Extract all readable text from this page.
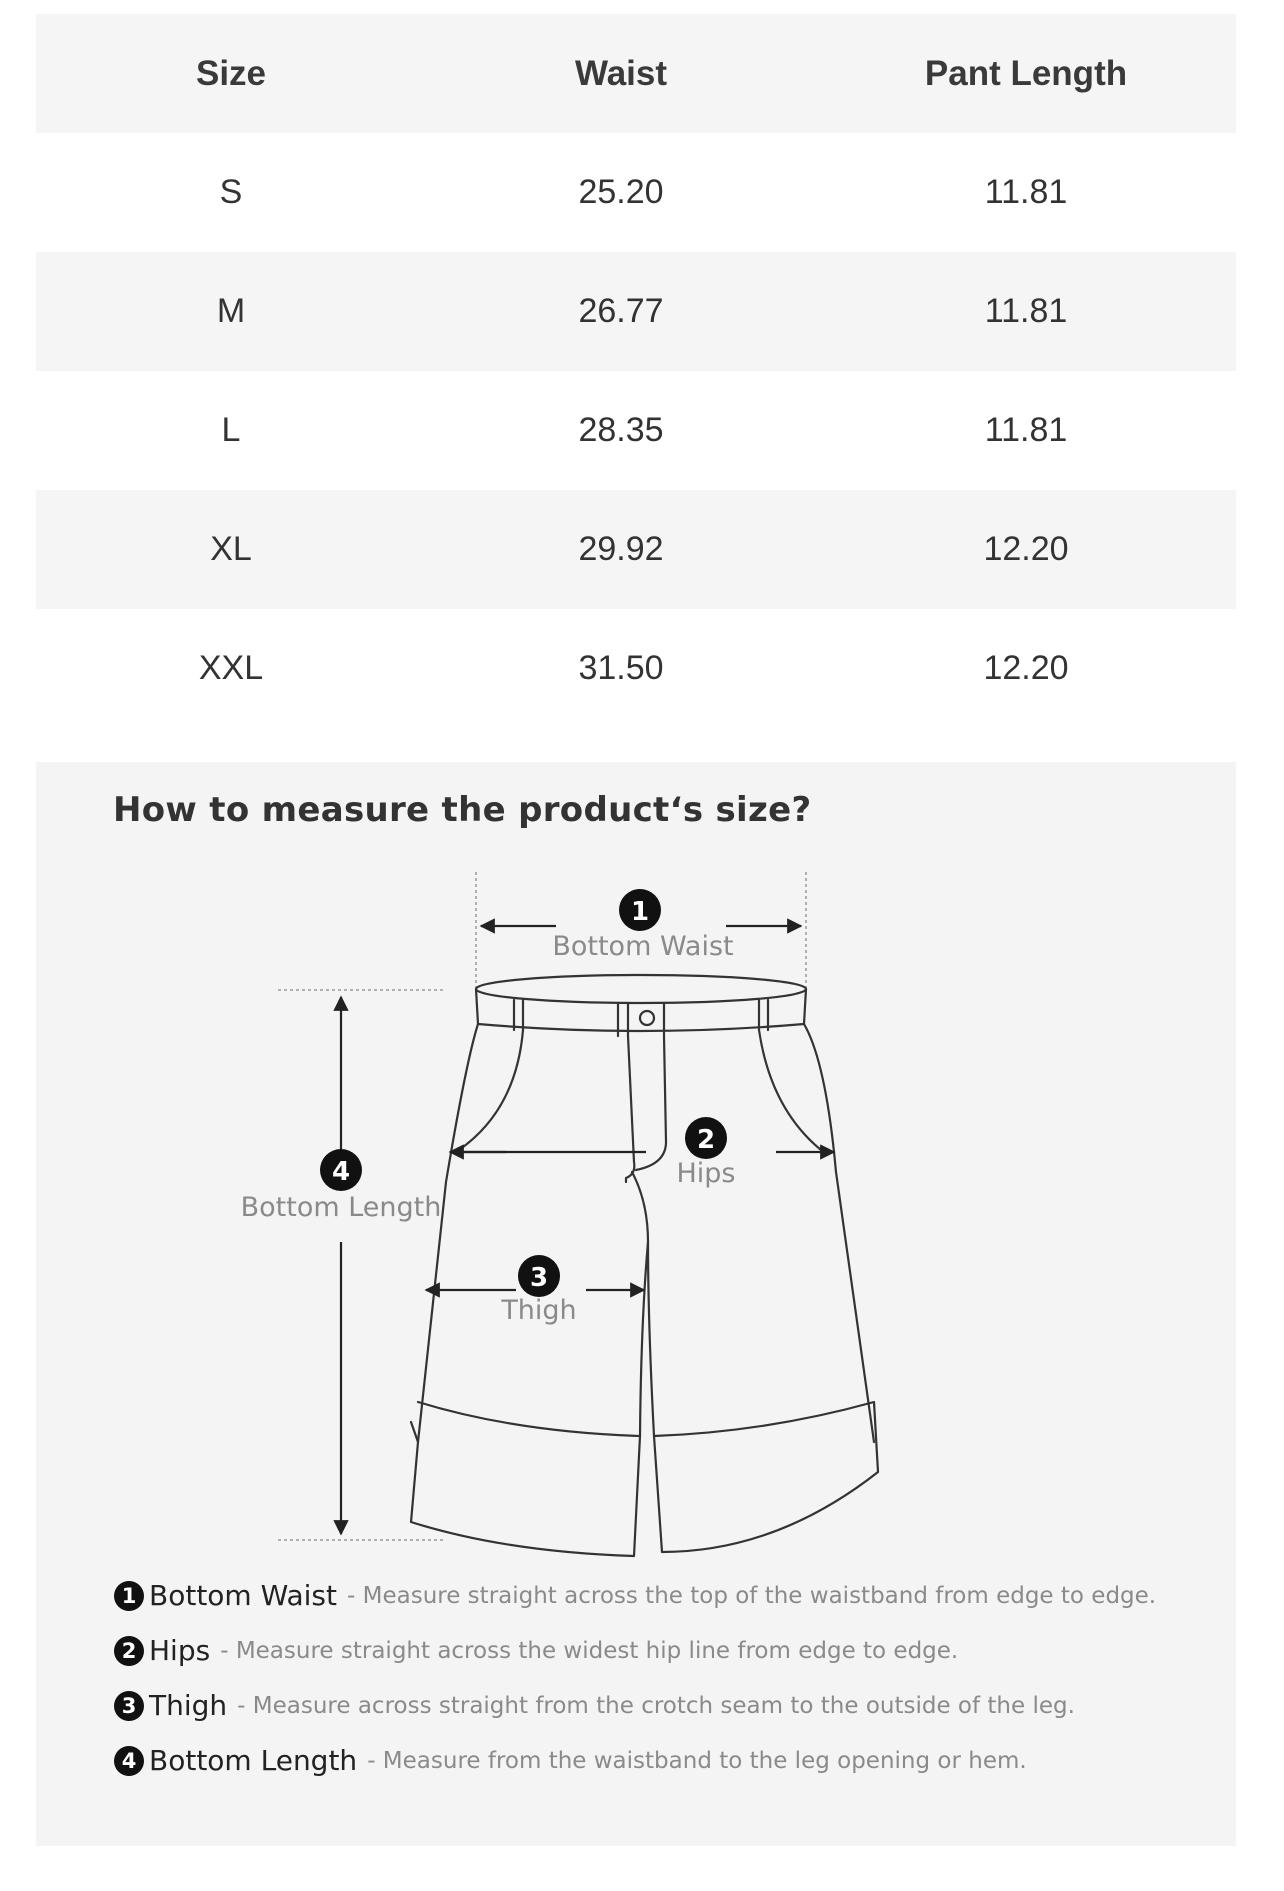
Size	Waist	Pant Length
S	25.20	11.81
M	26.77	11.81
L	28.35	11.81
XL	29.92	12.20
XXL	31.50	12.20
How to measure the product‘s size?
1
Bottom Waist
2
Hips
3
Thigh
4
Bottom Length
1 Bottom Waist - Measure straight across the top of the waistband from edge to edge.
2 Hips - Measure straight across the widest hip line from edge to edge.
3 Thigh - Measure across straight from the crotch seam to the outside of the leg.
4 Bottom Length - Measure from the waistband to the leg opening or hem.
